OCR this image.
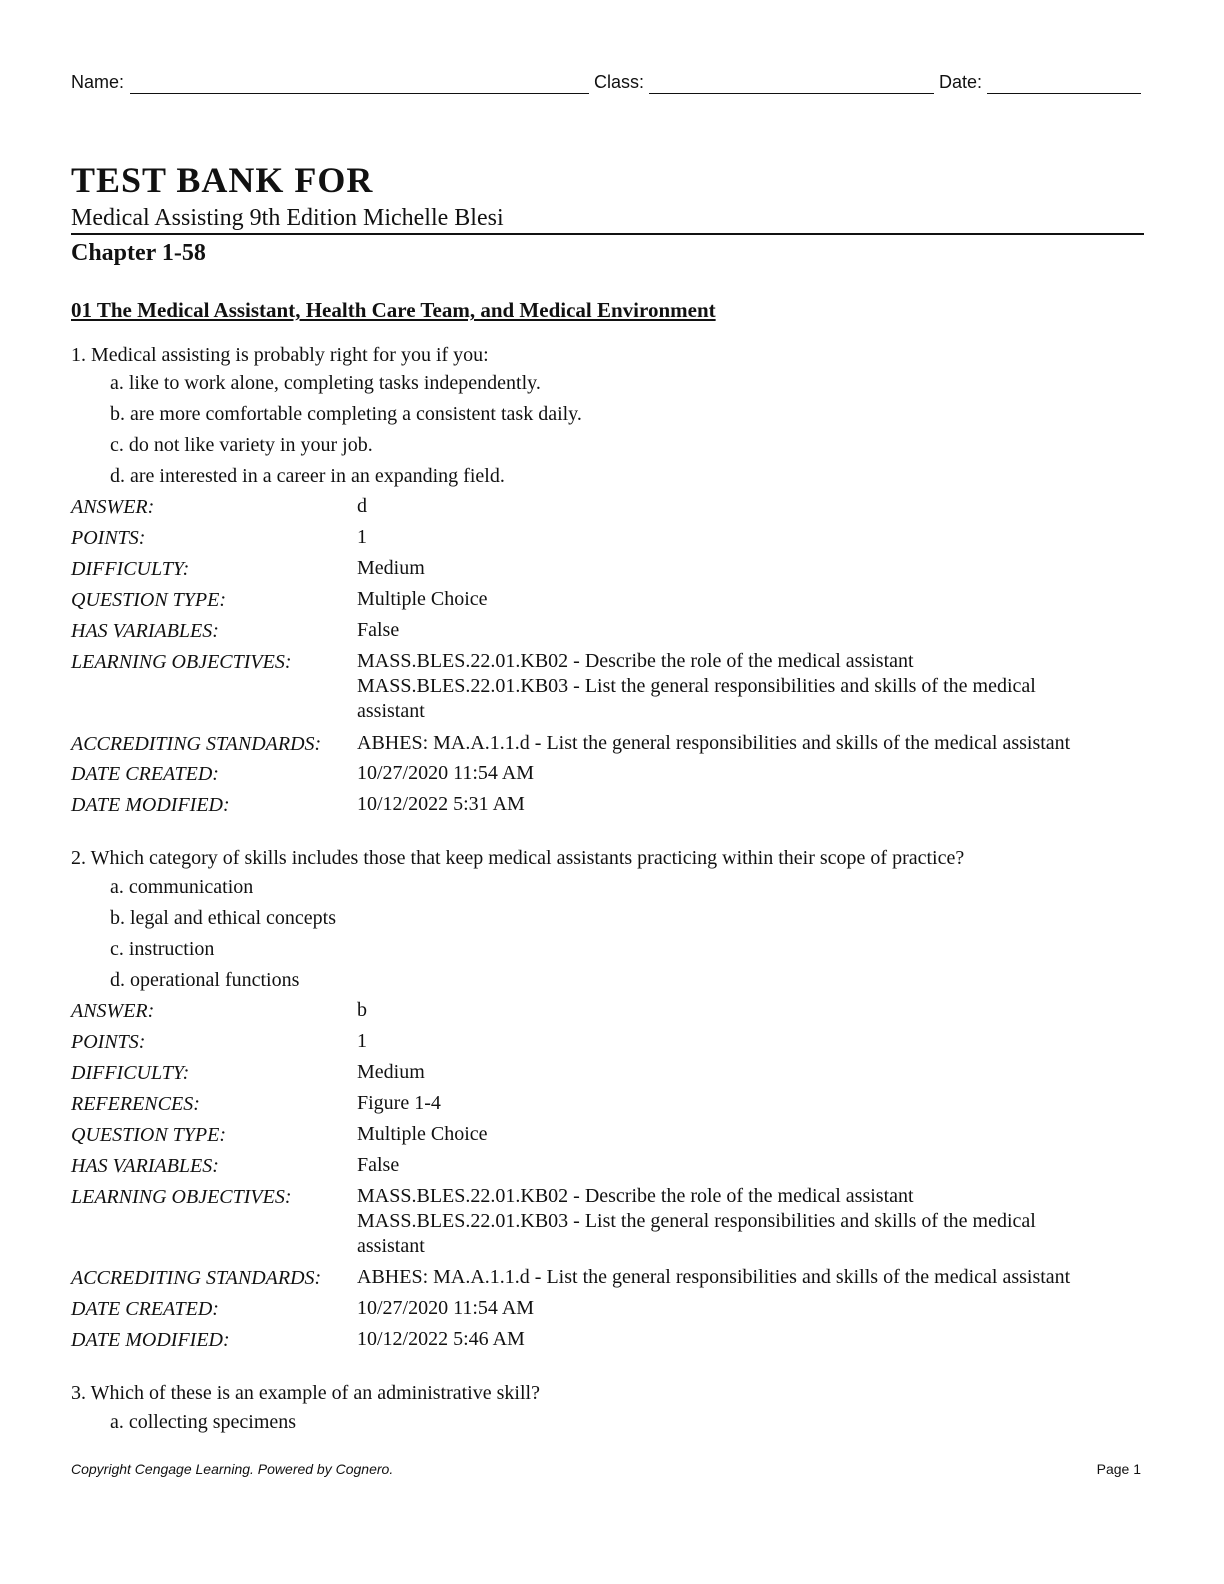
Name:	Class:	Date:
TEST BANK FOR
Medical Assisting 9th Edition Michelle Blesi
Chapter 1-58
01 The Medical Assistant, Health Care Team, and Medical Environment
1. Medical assisting is probably right for you if you:
a. like to work alone, completing tasks independently.
b. are more comfortable completing a consistent task daily.
c. do not like variety in your job.
d. are interested in a career in an expanding field.
ANSWER:	d
POINTS:	1
DIFFICULTY:	Medium
QUESTION TYPE:	Multiple Choice
HAS VARIABLES:	False
LEARNING OBJECTIVES:	MASS.BLES.22.01.KB02 - Describe the role of the medical assistant
MASS.BLES.22.01.KB03 - List the general responsibilities and skills of the medical
assistant
ACCREDITING STANDARDS: ABHES: MA.A.1.1.d - List the general responsibilities and skills of the medical assistant
DATE CREATED:	10/27/2020 11:54 AM
DATE MODIFIED:	10/12/2022 5:31 AM
2. Which category of skills includes those that keep medical assistants practicing within their scope of practice?
a. communication
b. legal and ethical concepts
c. instruction
d. operational functions
ANSWER:	b
POINTS:	1
DIFFICULTY:	Medium
REFERENCES:	Figure 1-4
QUESTION TYPE:	Multiple Choice
HAS VARIABLES:	False
LEARNING OBJECTIVES:	MASS.BLES.22.01.KB02 - Describe the role of the medical assistant
MASS.BLES.22.01.KB03 - List the general responsibilities and skills of the medical
assistant
ACCREDITING STANDARDS: ABHES: MA.A.1.1.d - List the general responsibilities and skills of the medical assistant
DATE CREATED:	10/27/2020 11:54 AM
DATE MODIFIED:	10/12/2022 5:46 AM
3. Which of these is an example of an administrative skill?
a. collecting specimens
Copyright Cengage Learning. Powered by Cognero.	Page 1
